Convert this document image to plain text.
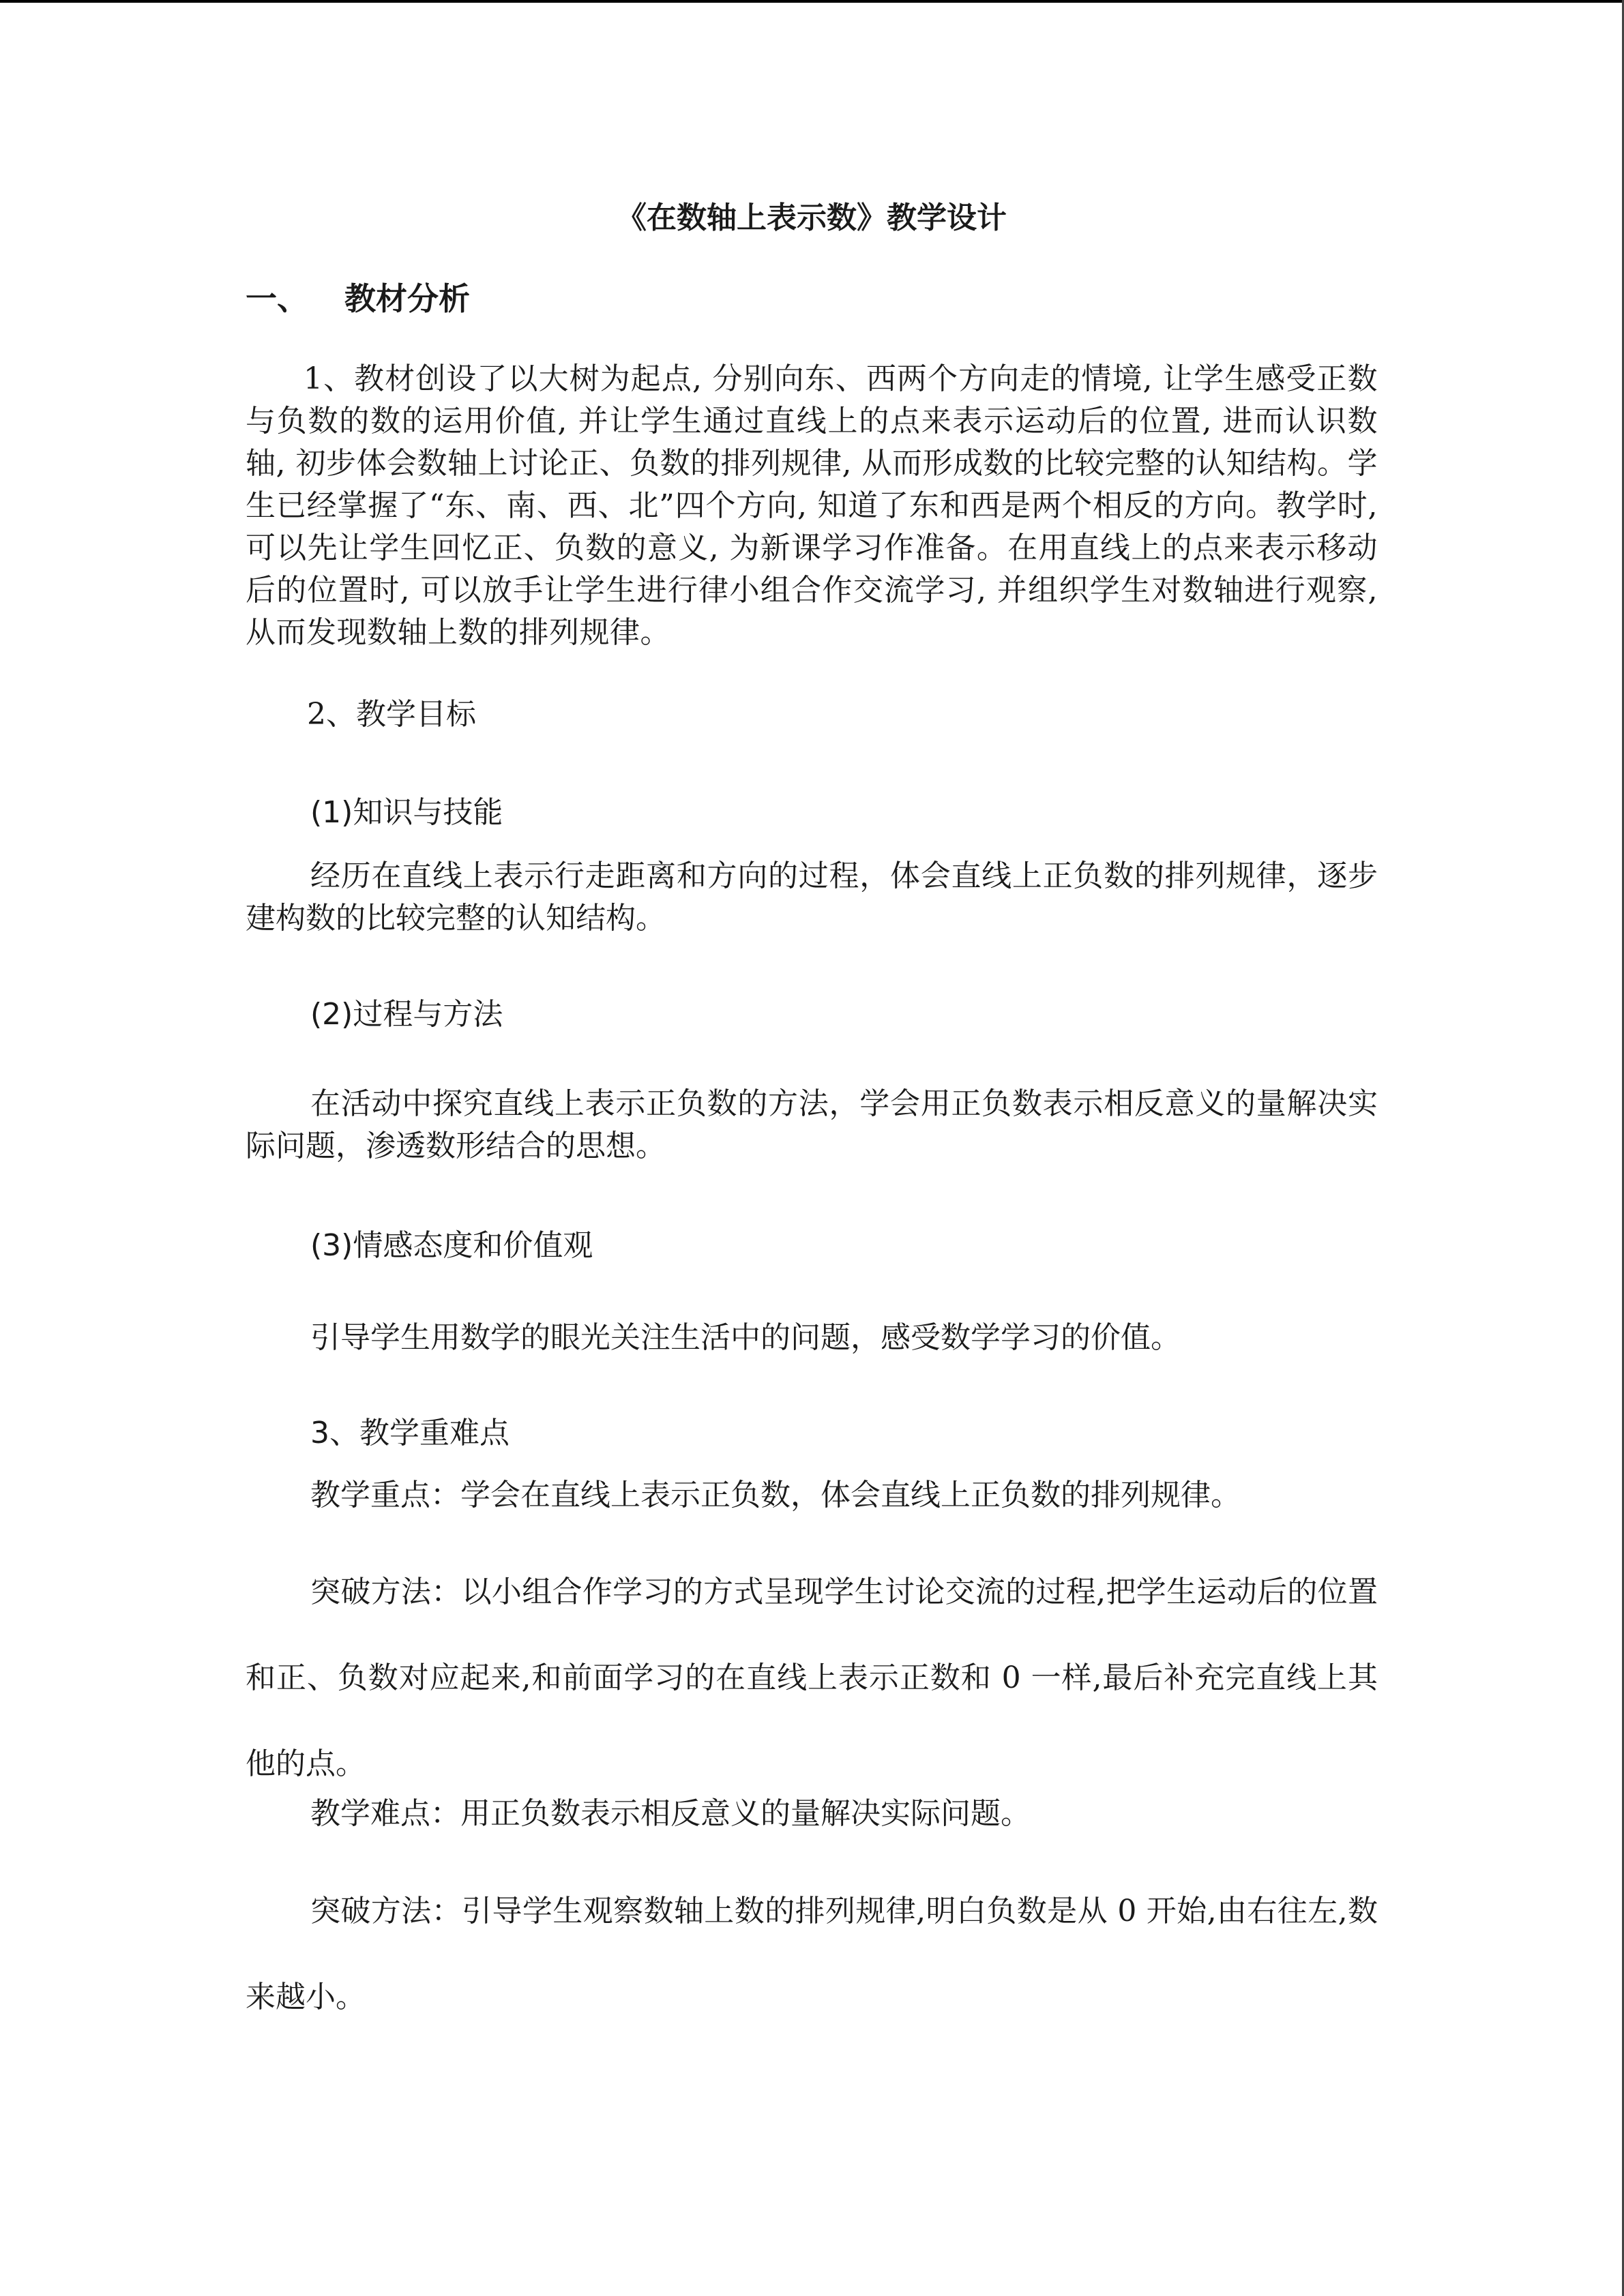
《在数轴上表示数》教学设计
一、 教材分析
1、教材创设了以大树为起点, 分别向东、西两个方向走的情境, 让学生感受正数与负数的数的运用价值, 并让学生通过直线上的点来表示运动后的位置, 进而认识数轴, 初步体会数轴上讨论正、负数的排列规律, 从而形成数的比较完整的认知结构。学生已经掌握了“东、南、西、北”四个方向, 知道了东和西是两个相反的方向。教学时, 可以先让学生回忆正、负数的意义, 为新课学习作准备。在用直线上的点来表示移动后的位置时, 可以放手让学生进行律小组合作交流学习, 并组织学生对数轴进行观察, 从而发现数轴上数的排列规律。
2、教学目标
(1)知识与技能
经历在直线上表示行走距离和方向的过程，体会直线上正负数的排列规律，逐步建构数的比较完整的认知结构。
(2)过程与方法
在活动中探究直线上表示正负数的方法，学会用正负数表示相反意义的量解决实际问题，渗透数形结合的思想。
(3)情感态度和价值观
引导学生用数学的眼光关注生活中的问题，感受数学学习的价值。
3、教学重难点
教学重点：学会在直线上表示正负数，体会直线上正负数的排列规律。
突破方法：以小组合作学习的方式呈现学生讨论交流的过程,把学生运动后的位置和正、负数对应起来,和前面学习的在直线上表示正数和 0 一样,最后补充完直线上其他的点。
教学难点：用正负数表示相反意义的量解决实际问题。
突破方法：引导学生观察数轴上数的排列规律,明白负数是从 0 开始,由右往左,数来越小。
